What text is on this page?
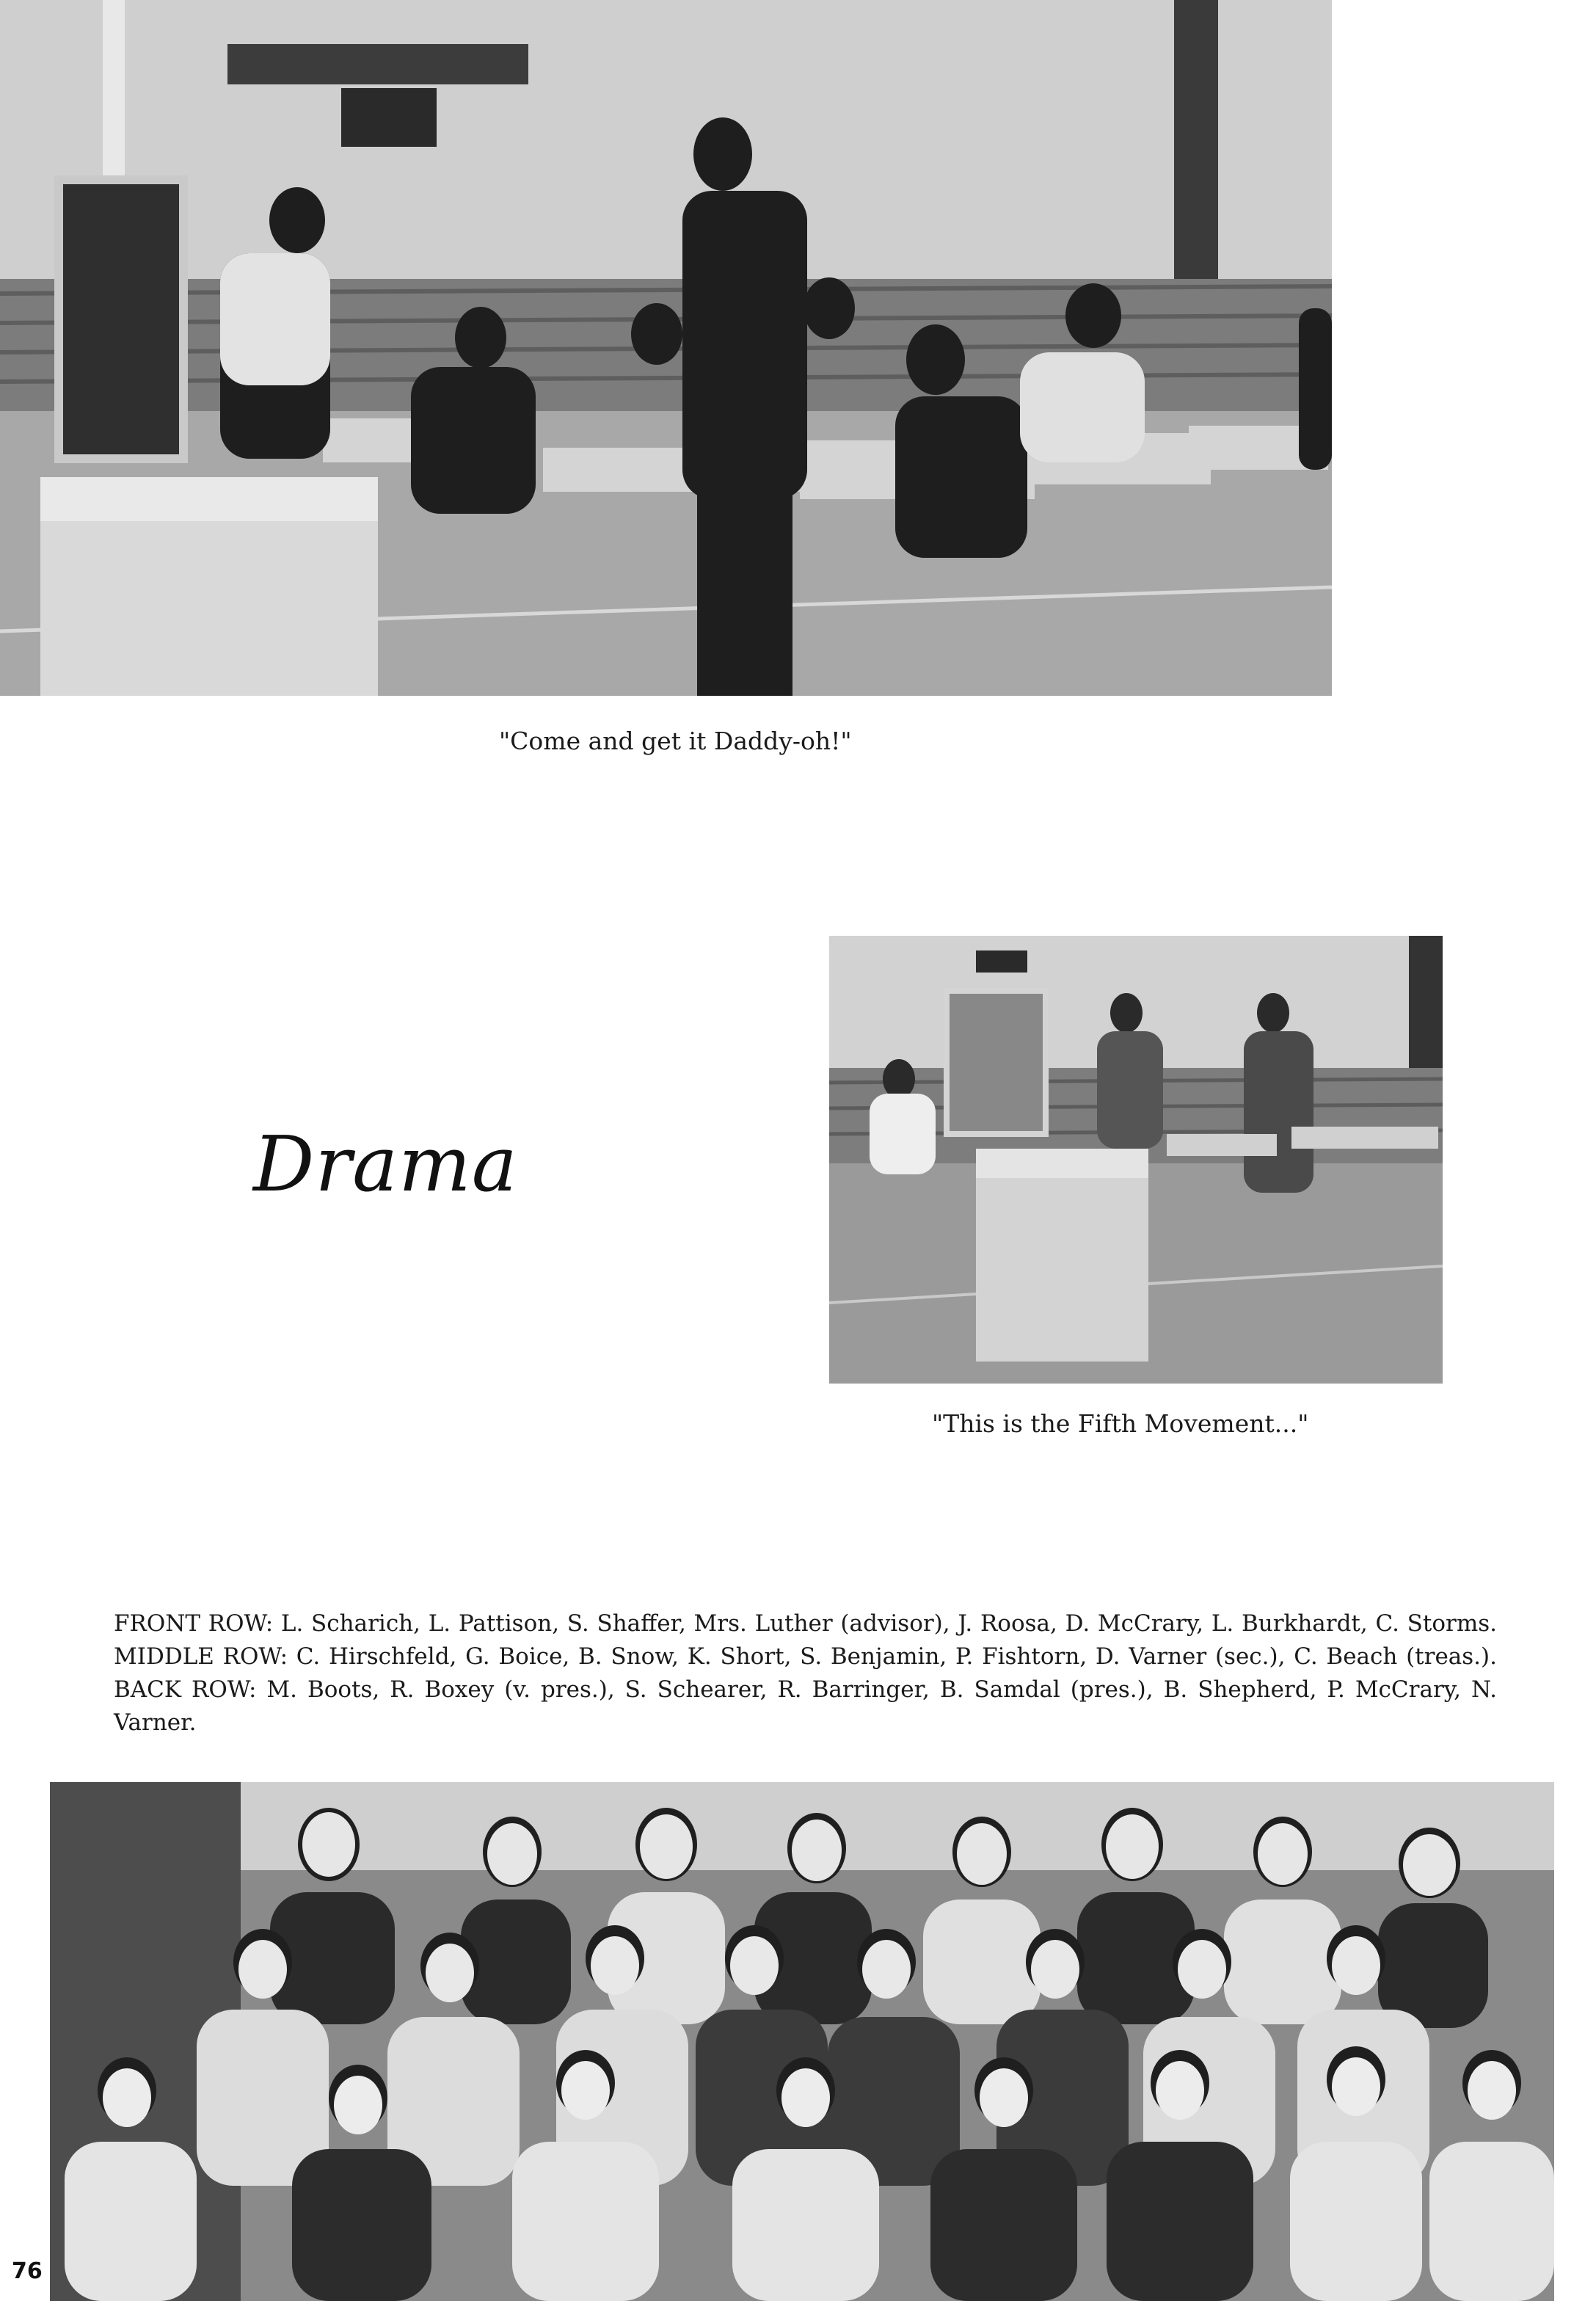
"Come and get it Daddy-oh!"
Drama
"This is the Fifth Movement..."
FRONT ROW: L. Scharich, L. Pattison, S. Shaffer, Mrs. Luther (advisor), J. Roosa, D. McCrary, L. Burkhardt, C. Storms. MIDDLE ROW: C. Hirschfeld, G. Boice, B. Snow, K. Short, S. Benjamin, P. Fishtorn, D. Varner (sec.), C. Beach (treas.). BACK ROW: M. Boots, R. Boxey (v. pres.), S. Schearer, R. Barringer, B. Samdal (pres.), B. Shepherd, P. McCrary, N. Varner.
76
